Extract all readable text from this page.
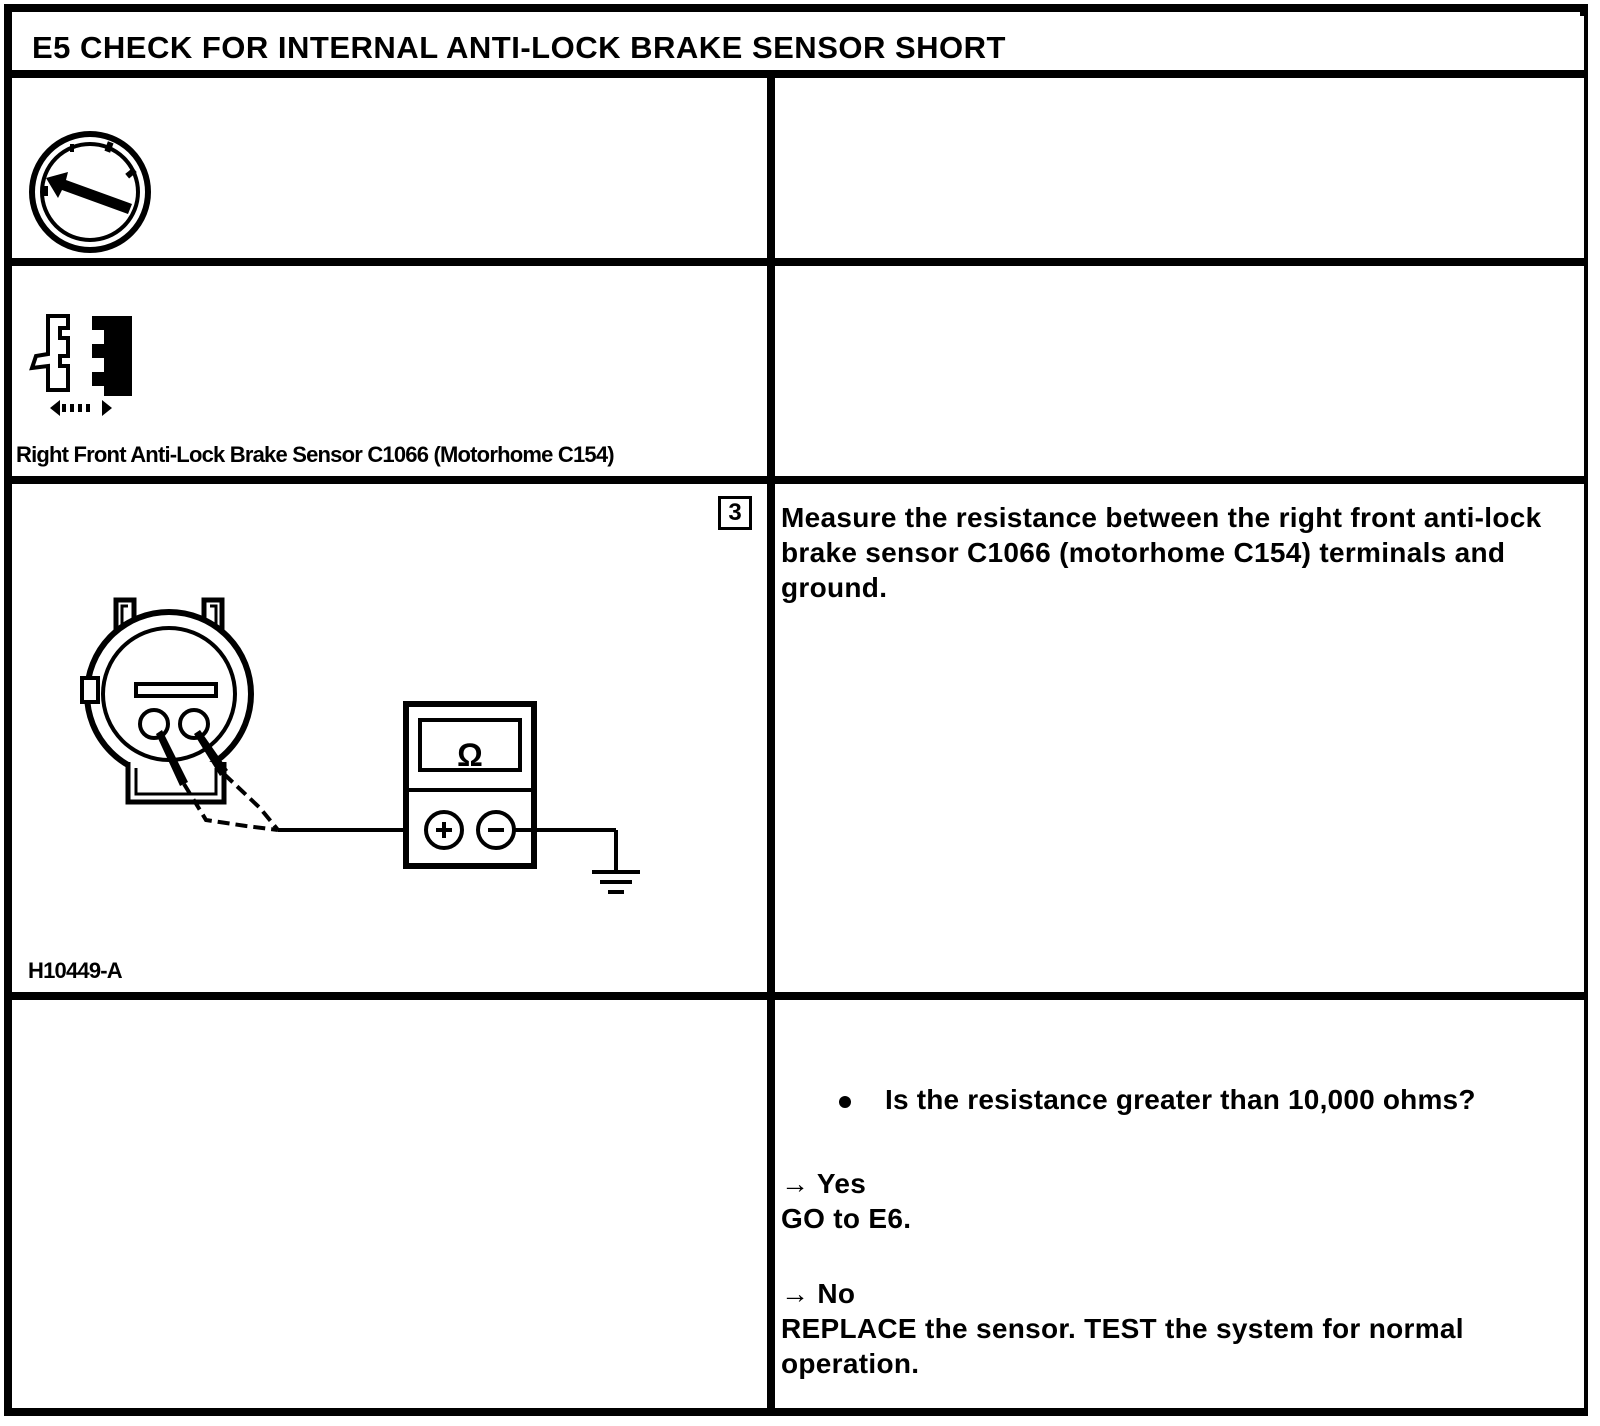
E5 CHECK FOR INTERNAL ANTI-LOCK BRAKE SENSOR SHORT
Right Front Anti-Lock Brake Sensor C1066 (Motorhome C154)
3
Ω
H10449-A
Measure the resistance between the right front anti-lock brake sensor C1066 (motorhome C154) terminals and ground.
Is the resistance greater than 10,000 ohms?
→ Yes
GO to E6.
→ No
REPLACE the sensor. TEST the system for normal operation.
